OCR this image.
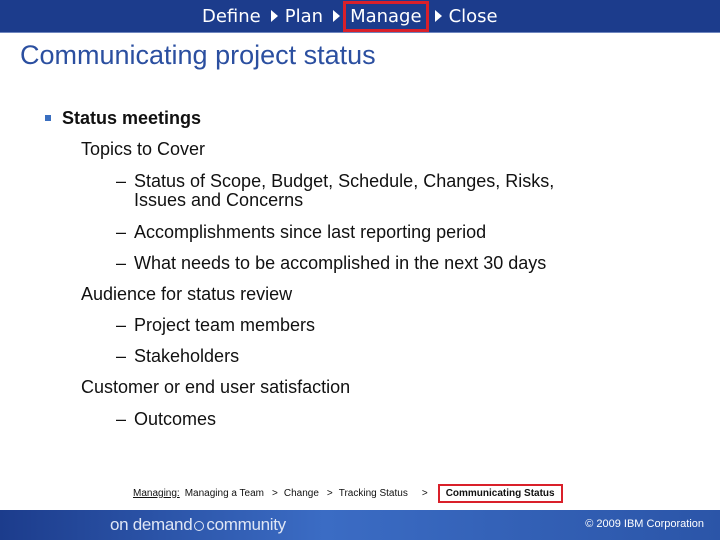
Define Plan	Manage	Close
Communicating project status
Status meetings
Topics to Cover
– Status of Scope, Budget, Schedule, Changes, Risks,
Issues and Concerns
– Accomplishments since last reporting period
– What needs to be accomplished in the next 30 days
Audience for status review
– Project team members
– Stakeholders
Customer or end user satisfaction
– Outcomes
Managing: Managing a Team > Change > Tracking Status >	Communicating Status
on demand community	© 2009 IBM Corporation
